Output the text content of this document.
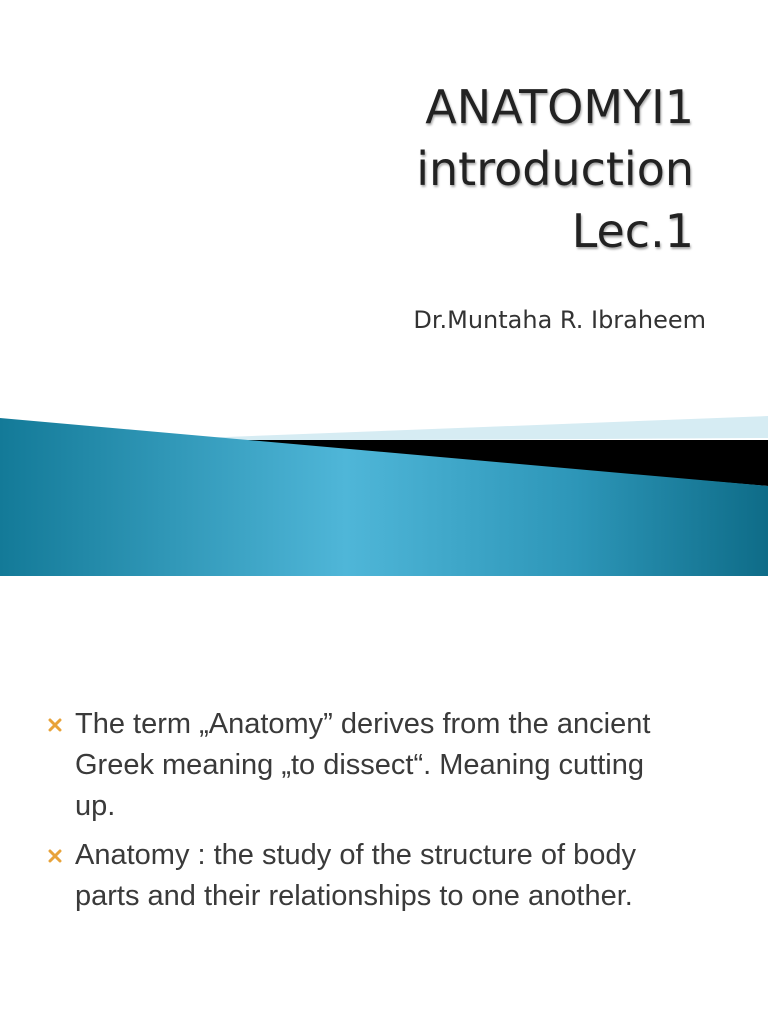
ANATOMYI1
introduction
Lec.1

Dr.Muntaha R. Ibraheem

The term „Anatomy” derives from the ancient
Greek meaning „to dissect“. Meaning cutting
up.
Anatomy : the study of the structure of body
parts and their relationships to one another.
